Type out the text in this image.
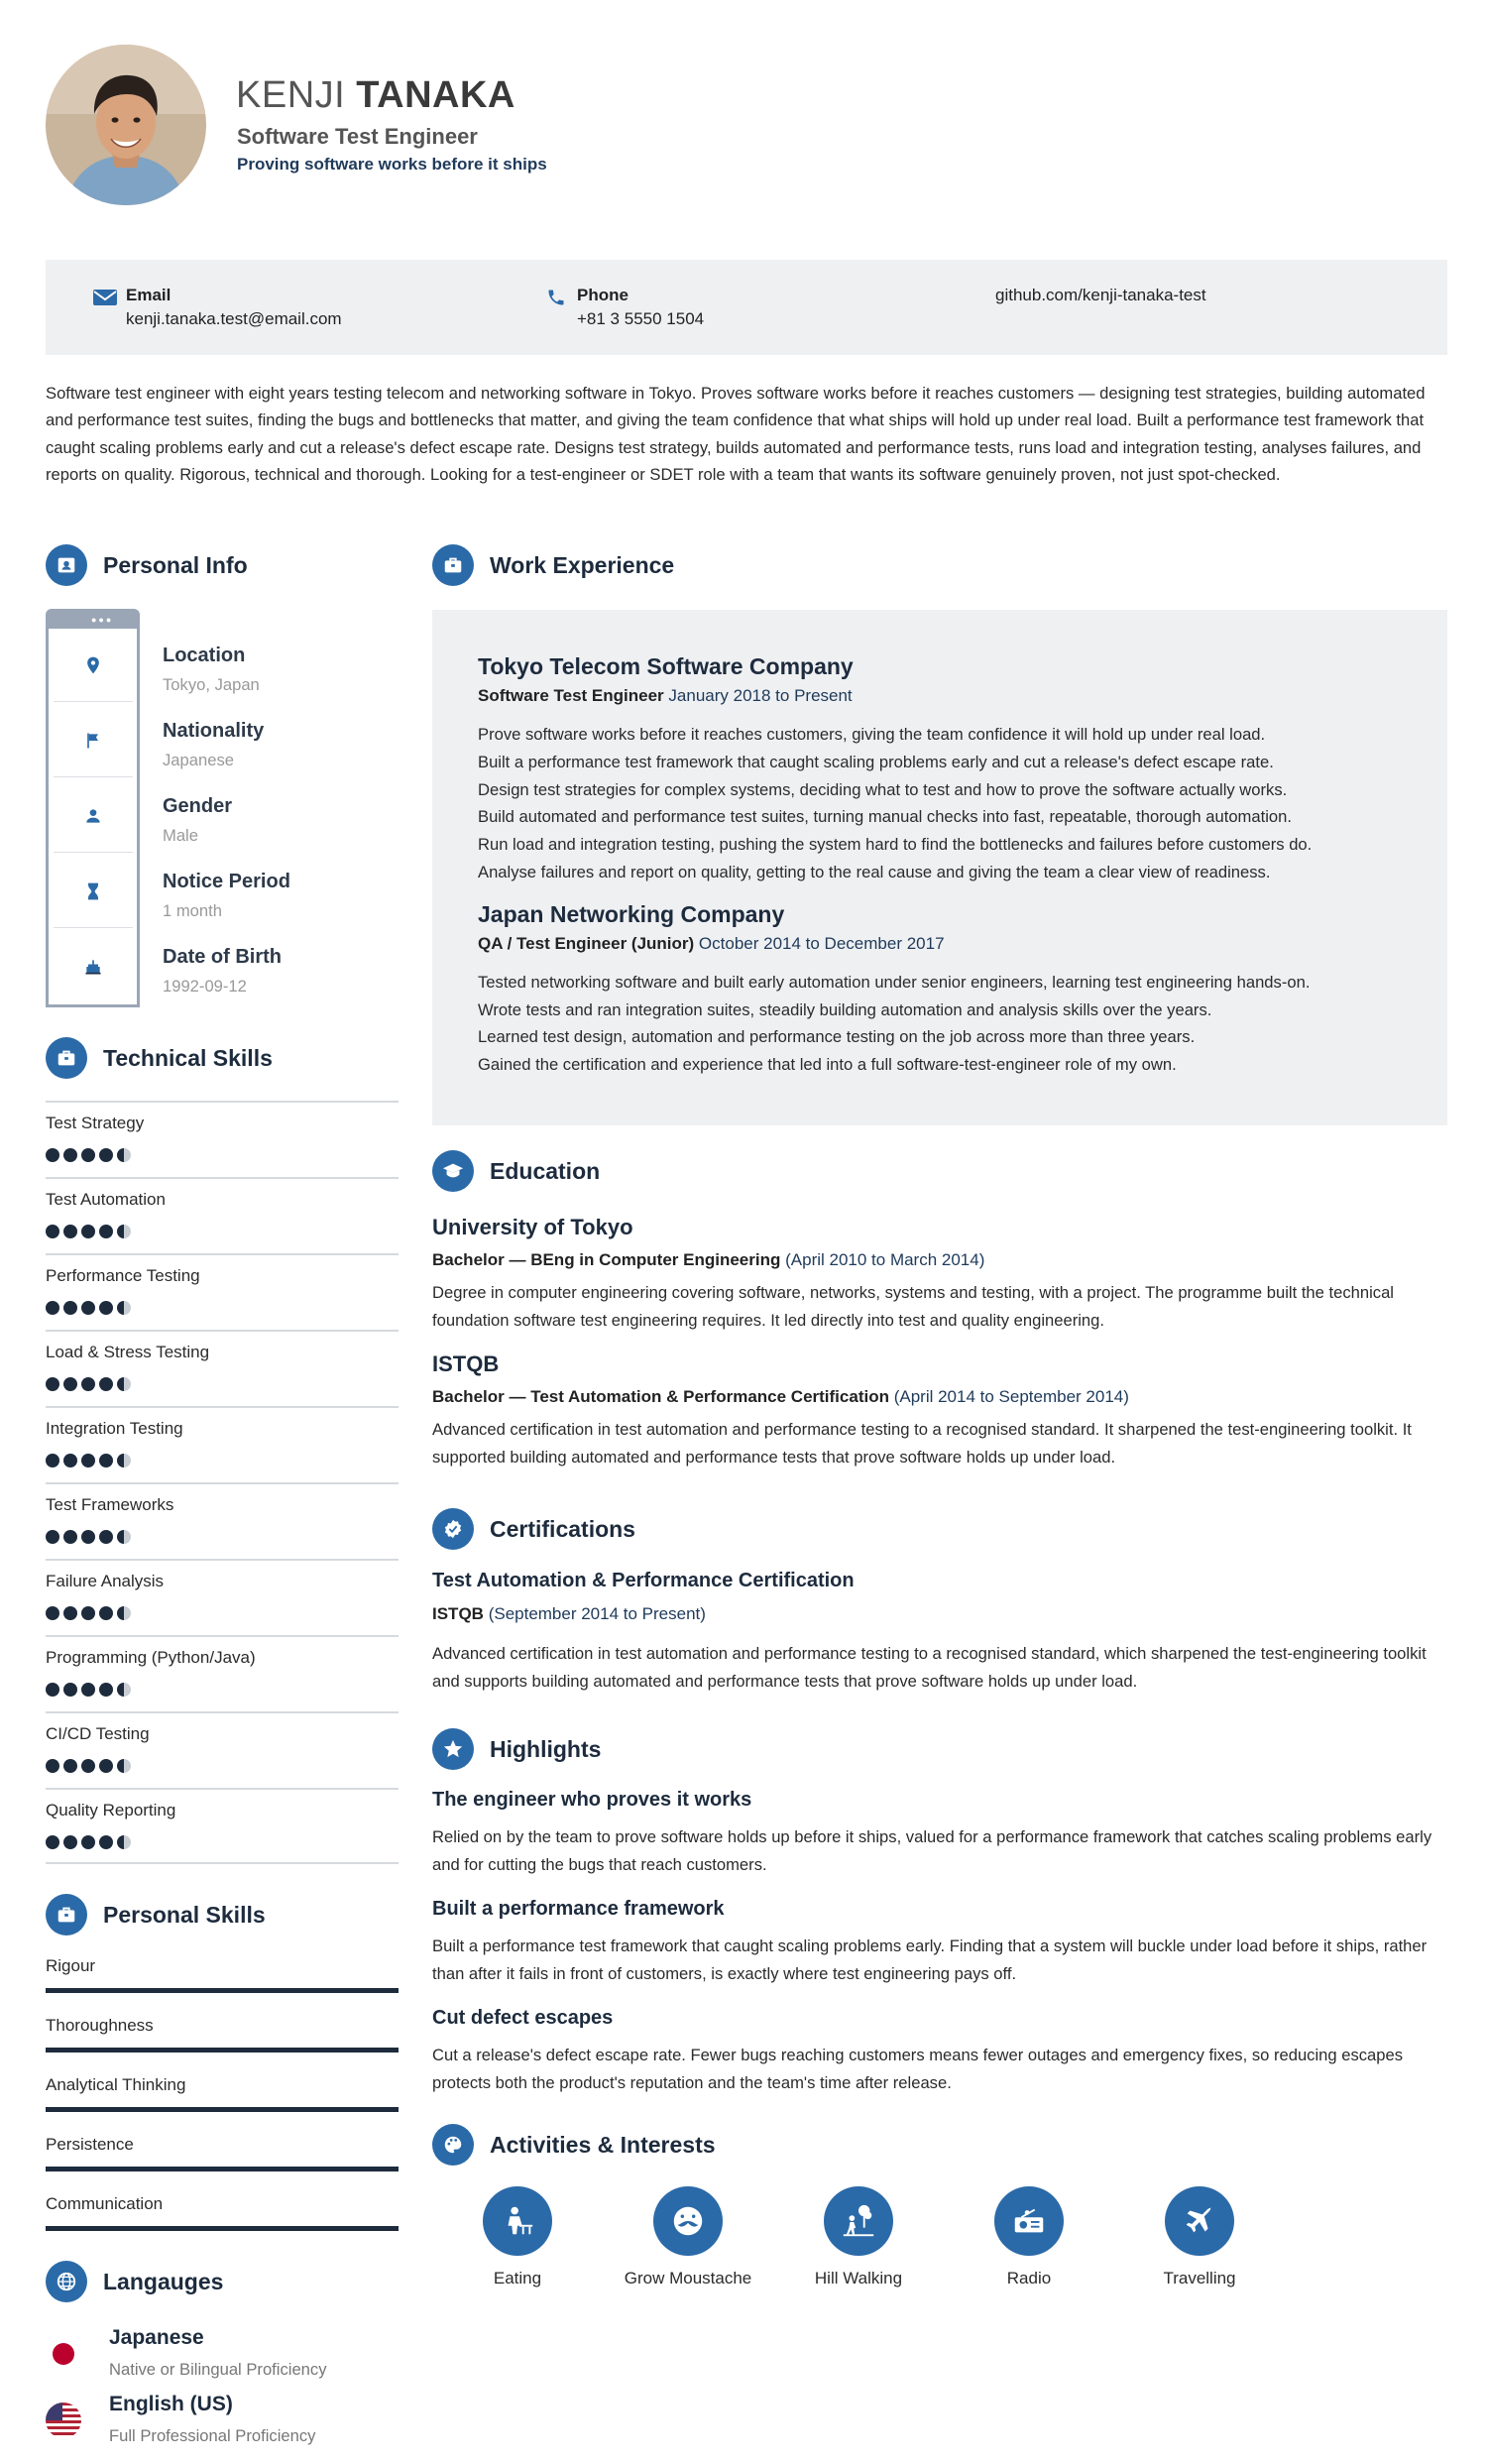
KENJI TANAKA
Software Test Engineer
Proving software works before it ships
Email
kenji.tanaka.test@email.com
Phone
+81 3 5550 1504
github.com/kenji-tanaka-test
Software test engineer with eight years testing telecom and networking software in Tokyo. Proves software works before it reaches customers — designing test strategies, building automated and performance test suites, finding the bugs and bottlenecks that matter, and giving the team confidence that what ships will hold up under real load. Built a performance test framework that caught scaling problems early and cut a release's defect escape rate. Designs test strategy, builds automated and performance tests, runs load and integration testing, analyses failures, and reports on quality. Rigorous, technical and thorough. Looking for a test-engineer or SDET role with a team that wants its software genuinely proven, not just spot-checked.
Personal Info
●●●
Location
Tokyo, Japan
Nationality
Japanese
Gender
Male
Notice Period
1 month
Date of Birth
1992-09-12
Technical Skills
Test Strategy
Test Automation
Performance Testing
Load & Stress Testing
Integration Testing
Test Frameworks
Failure Analysis
Programming (Python/Java)
CI/CD Testing
Quality Reporting
Personal Skills
Rigour
Thoroughness
Analytical Thinking
Persistence
Communication
Langauges
Japanese
Native or Bilingual Proficiency
English (US)
Full Professional Proficiency
Work Experience
Tokyo Telecom Software Company
Software Test Engineer January 2018 to Present
Prove software works before it reaches customers, giving the team confidence it will hold up under real load.
Built a performance test framework that caught scaling problems early and cut a release's defect escape rate.
Design test strategies for complex systems, deciding what to test and how to prove the software actually works.
Build automated and performance test suites, turning manual checks into fast, repeatable, thorough automation.
Run load and integration testing, pushing the system hard to find the bottlenecks and failures before customers do.
Analyse failures and report on quality, getting to the real cause and giving the team a clear view of readiness.
Japan Networking Company
QA / Test Engineer (Junior) October 2014 to December 2017
Tested networking software and built early automation under senior engineers, learning test engineering hands-on.
Wrote tests and ran integration suites, steadily building automation and analysis skills over the years.
Learned test design, automation and performance testing on the job across more than three years.
Gained the certification and experience that led into a full software-test-engineer role of my own.
Education
University of Tokyo
Bachelor — BEng in Computer Engineering (April 2010 to March 2014)
Degree in computer engineering covering software, networks, systems and testing, with a project. The programme built the technical foundation software test engineering requires. It led directly into test and quality engineering.
ISTQB
Bachelor — Test Automation & Performance Certification (April 2014 to September 2014)
Advanced certification in test automation and performance testing to a recognised standard. It sharpened the test-engineering toolkit. It supported building automated and performance tests that prove software holds up under load.
Certifications
Test Automation & Performance Certification
ISTQB (September 2014 to Present)
Advanced certification in test automation and performance testing to a recognised standard, which sharpened the test-engineering toolkit and supports building automated and performance tests that prove software holds up under load.
Highlights
The engineer who proves it works
Relied on by the team to prove software holds up before it ships, valued for a performance framework that catches scaling problems early and for cutting the bugs that reach customers.
Built a performance framework
Built a performance test framework that caught scaling problems early. Finding that a system will buckle under load before it ships, rather than after it fails in front of customers, is exactly where test engineering pays off.
Cut defect escapes
Cut a release's defect escape rate. Fewer bugs reaching customers means fewer outages and emergency fixes, so reducing escapes protects both the product's reputation and the team's time after release.
Activities & Interests
Eating	Grow Moustache	Hill Walking	Radio	Travelling
